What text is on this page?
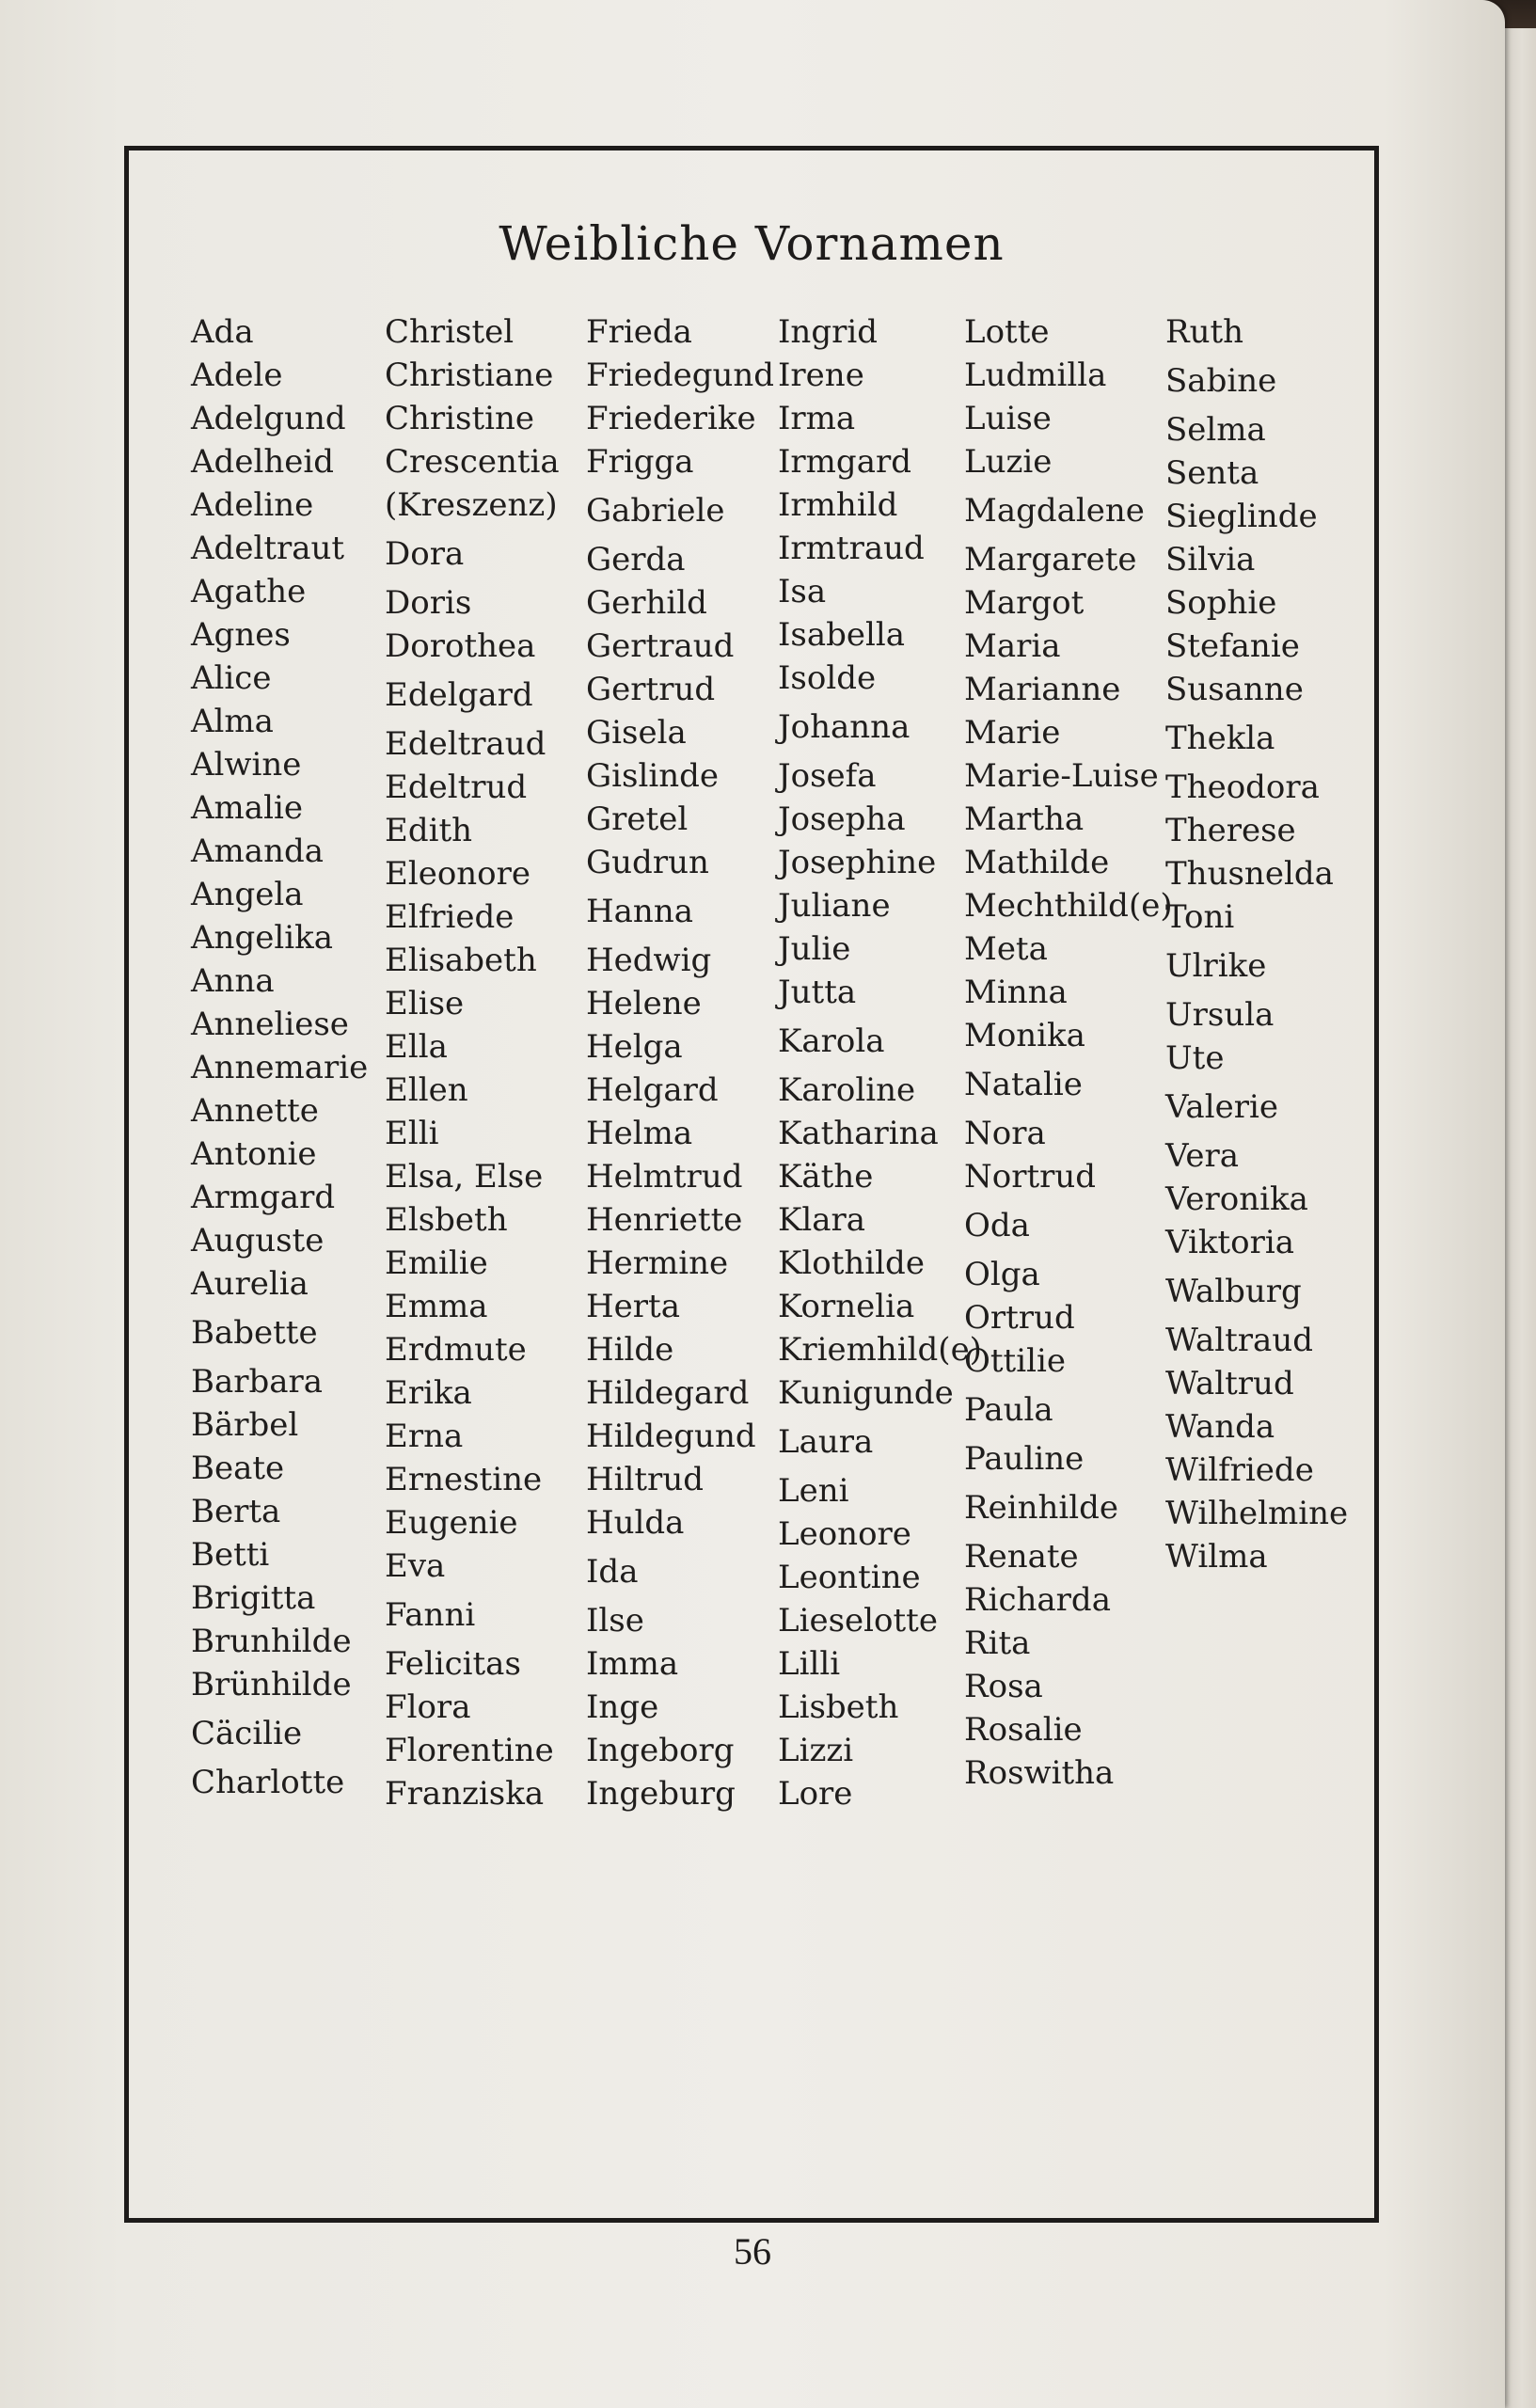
Weibliche Vornamen
Ada
Adele
Adelgund
Adelheid
Adeline
Adeltraut
Agathe
Agnes
Alice
Alma
Alwine
Amalie
Amanda
Angela
Angelika
Anna
Anneliese
Annemarie
Annette
Antonie
Armgard
Auguste
Aurelia
Babette
Barbara
Bärbel
Beate
Berta
Betti
Brigitta
Brunhilde
Brünhilde
Cäcilie
Charlotte
Christel
Christiane
Christine
Crescentia
(Kreszenz)
Dora
Doris
Dorothea
Edelgard
Edeltraud
Edeltrud
Edith
Eleonore
Elfriede
Elisabeth
Elise
Ella
Ellen
Elli
Elsa, Else
Elsbeth
Emilie
Emma
Erdmute
Erika
Erna
Ernestine
Eugenie
Eva
Fanni
Felicitas
Flora
Florentine
Franziska
Frieda
Friedegund
Friederike
Frigga
Gabriele
Gerda
Gerhild
Gertraud
Gertrud
Gisela
Gislinde
Gretel
Gudrun
Hanna
Hedwig
Helene
Helga
Helgard
Helma
Helmtrud
Henriette
Hermine
Herta
Hilde
Hildegard
Hildegund
Hiltrud
Hulda
Ida
Ilse
Imma
Inge
Ingeborg
Ingeburg
Ingrid
Irene
Irma
Irmgard
Irmhild
Irmtraud
Isa
Isabella
Isolde
Johanna
Josefa
Josepha
Josephine
Juliane
Julie
Jutta
Karola
Karoline
Katharina
Käthe
Klara
Klothilde
Kornelia
Kriemhild(e)
Kunigunde
Laura
Leni
Leonore
Leontine
Lieselotte
Lilli
Lisbeth
Lizzi
Lore
Lotte
Ludmilla
Luise
Luzie
Magdalene
Margarete
Margot
Maria
Marianne
Marie
Marie-Luise
Martha
Mathilde
Mechthild(e)
Meta
Minna
Monika
Natalie
Nora
Nortrud
Oda
Olga
Ortrud
Ottilie
Paula
Pauline
Reinhilde
Renate
Richarda
Rita
Rosa
Rosalie
Roswitha
Ruth
Sabine
Selma
Senta
Sieglinde
Silvia
Sophie
Stefanie
Susanne
Thekla
Theodora
Therese
Thusnelda
Toni
Ulrike
Ursula
Ute
Valerie
Vera
Veronika
Viktoria
Walburg
Waltraud
Waltrud
Wanda
Wilfriede
Wilhelmine
Wilma
56
